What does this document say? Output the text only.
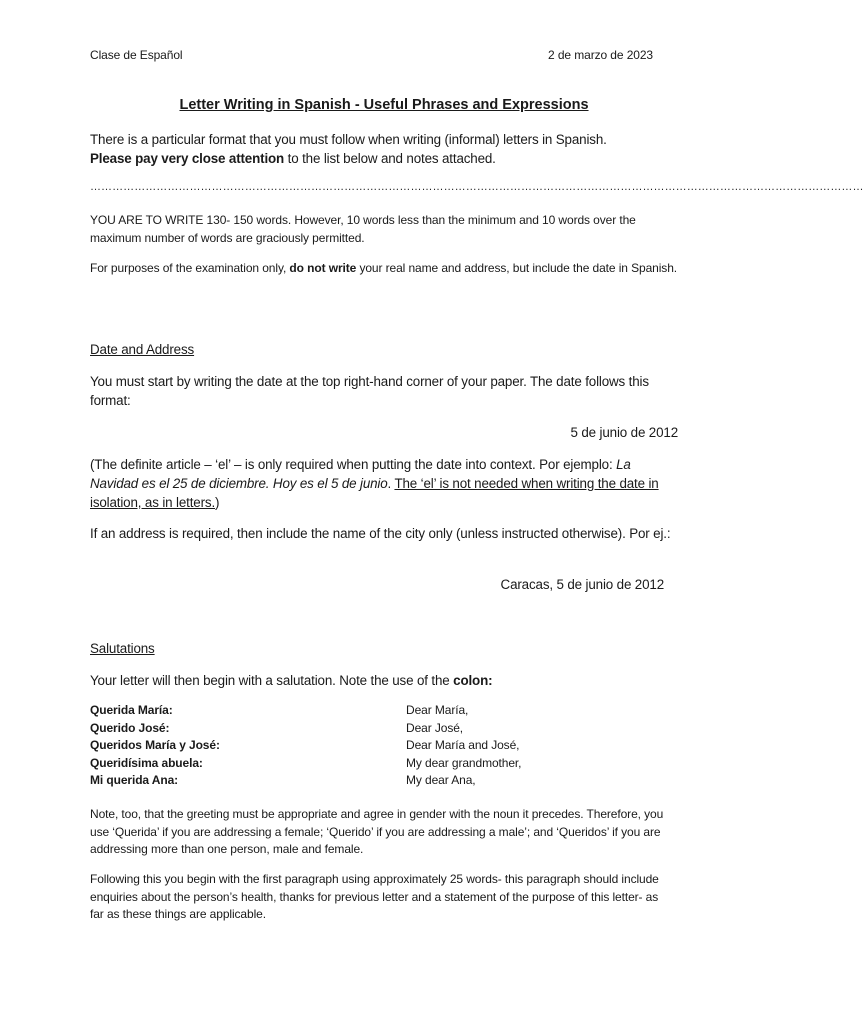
Clase de Español	2 de marzo de 2023
Letter Writing in Spanish - Useful Phrases and Expressions
There is a particular format that you must follow when writing (informal) letters in Spanish.
Please pay very close attention to the list below and notes attached.
…………………………………………………………………………………………………………………………………………………………………………………………
YOU ARE TO WRITE 130- 150 words. However, 10 words less than the minimum and 10 words over the maximum number of words are graciously permitted.
For purposes of the examination only, do not write your real name and address, but include the date in Spanish.
Date and Address
You must start by writing the date at the top right-hand corner of your paper. The date follows this format:
5 de junio de 2012
(The definite article – ‘el’ – is only required when putting the date into context. Por ejemplo: La Navidad es el 25 de diciembre. Hoy es el 5 de junio. The ‘el’ is not needed when writing the date in isolation, as in letters.)
If an address is required, then include the name of the city only (unless instructed otherwise). Por ej.:
Caracas, 5 de junio de 2012
Salutations
Your letter will then begin with a salutation. Note the use of the colon:
Querida María:	Dear María,
Querido José:	Dear José,
Queridos María y José:	Dear María and José,
Queridísima abuela:	My dear grandmother,
Mi querida Ana:	My dear Ana,
Note, too, that the greeting must be appropriate and agree in gender with the noun it precedes. Therefore, you use ‘Querida’ if you are addressing a female; ‘Querido’ if you are addressing a male’; and ‘Queridos’ if you are addressing more than one person, male and female.
Following this you begin with the first paragraph using approximately 25 words- this paragraph should include enquiries about the person’s health, thanks for previous letter and a statement of the purpose of this letter- as far as these things are applicable.
